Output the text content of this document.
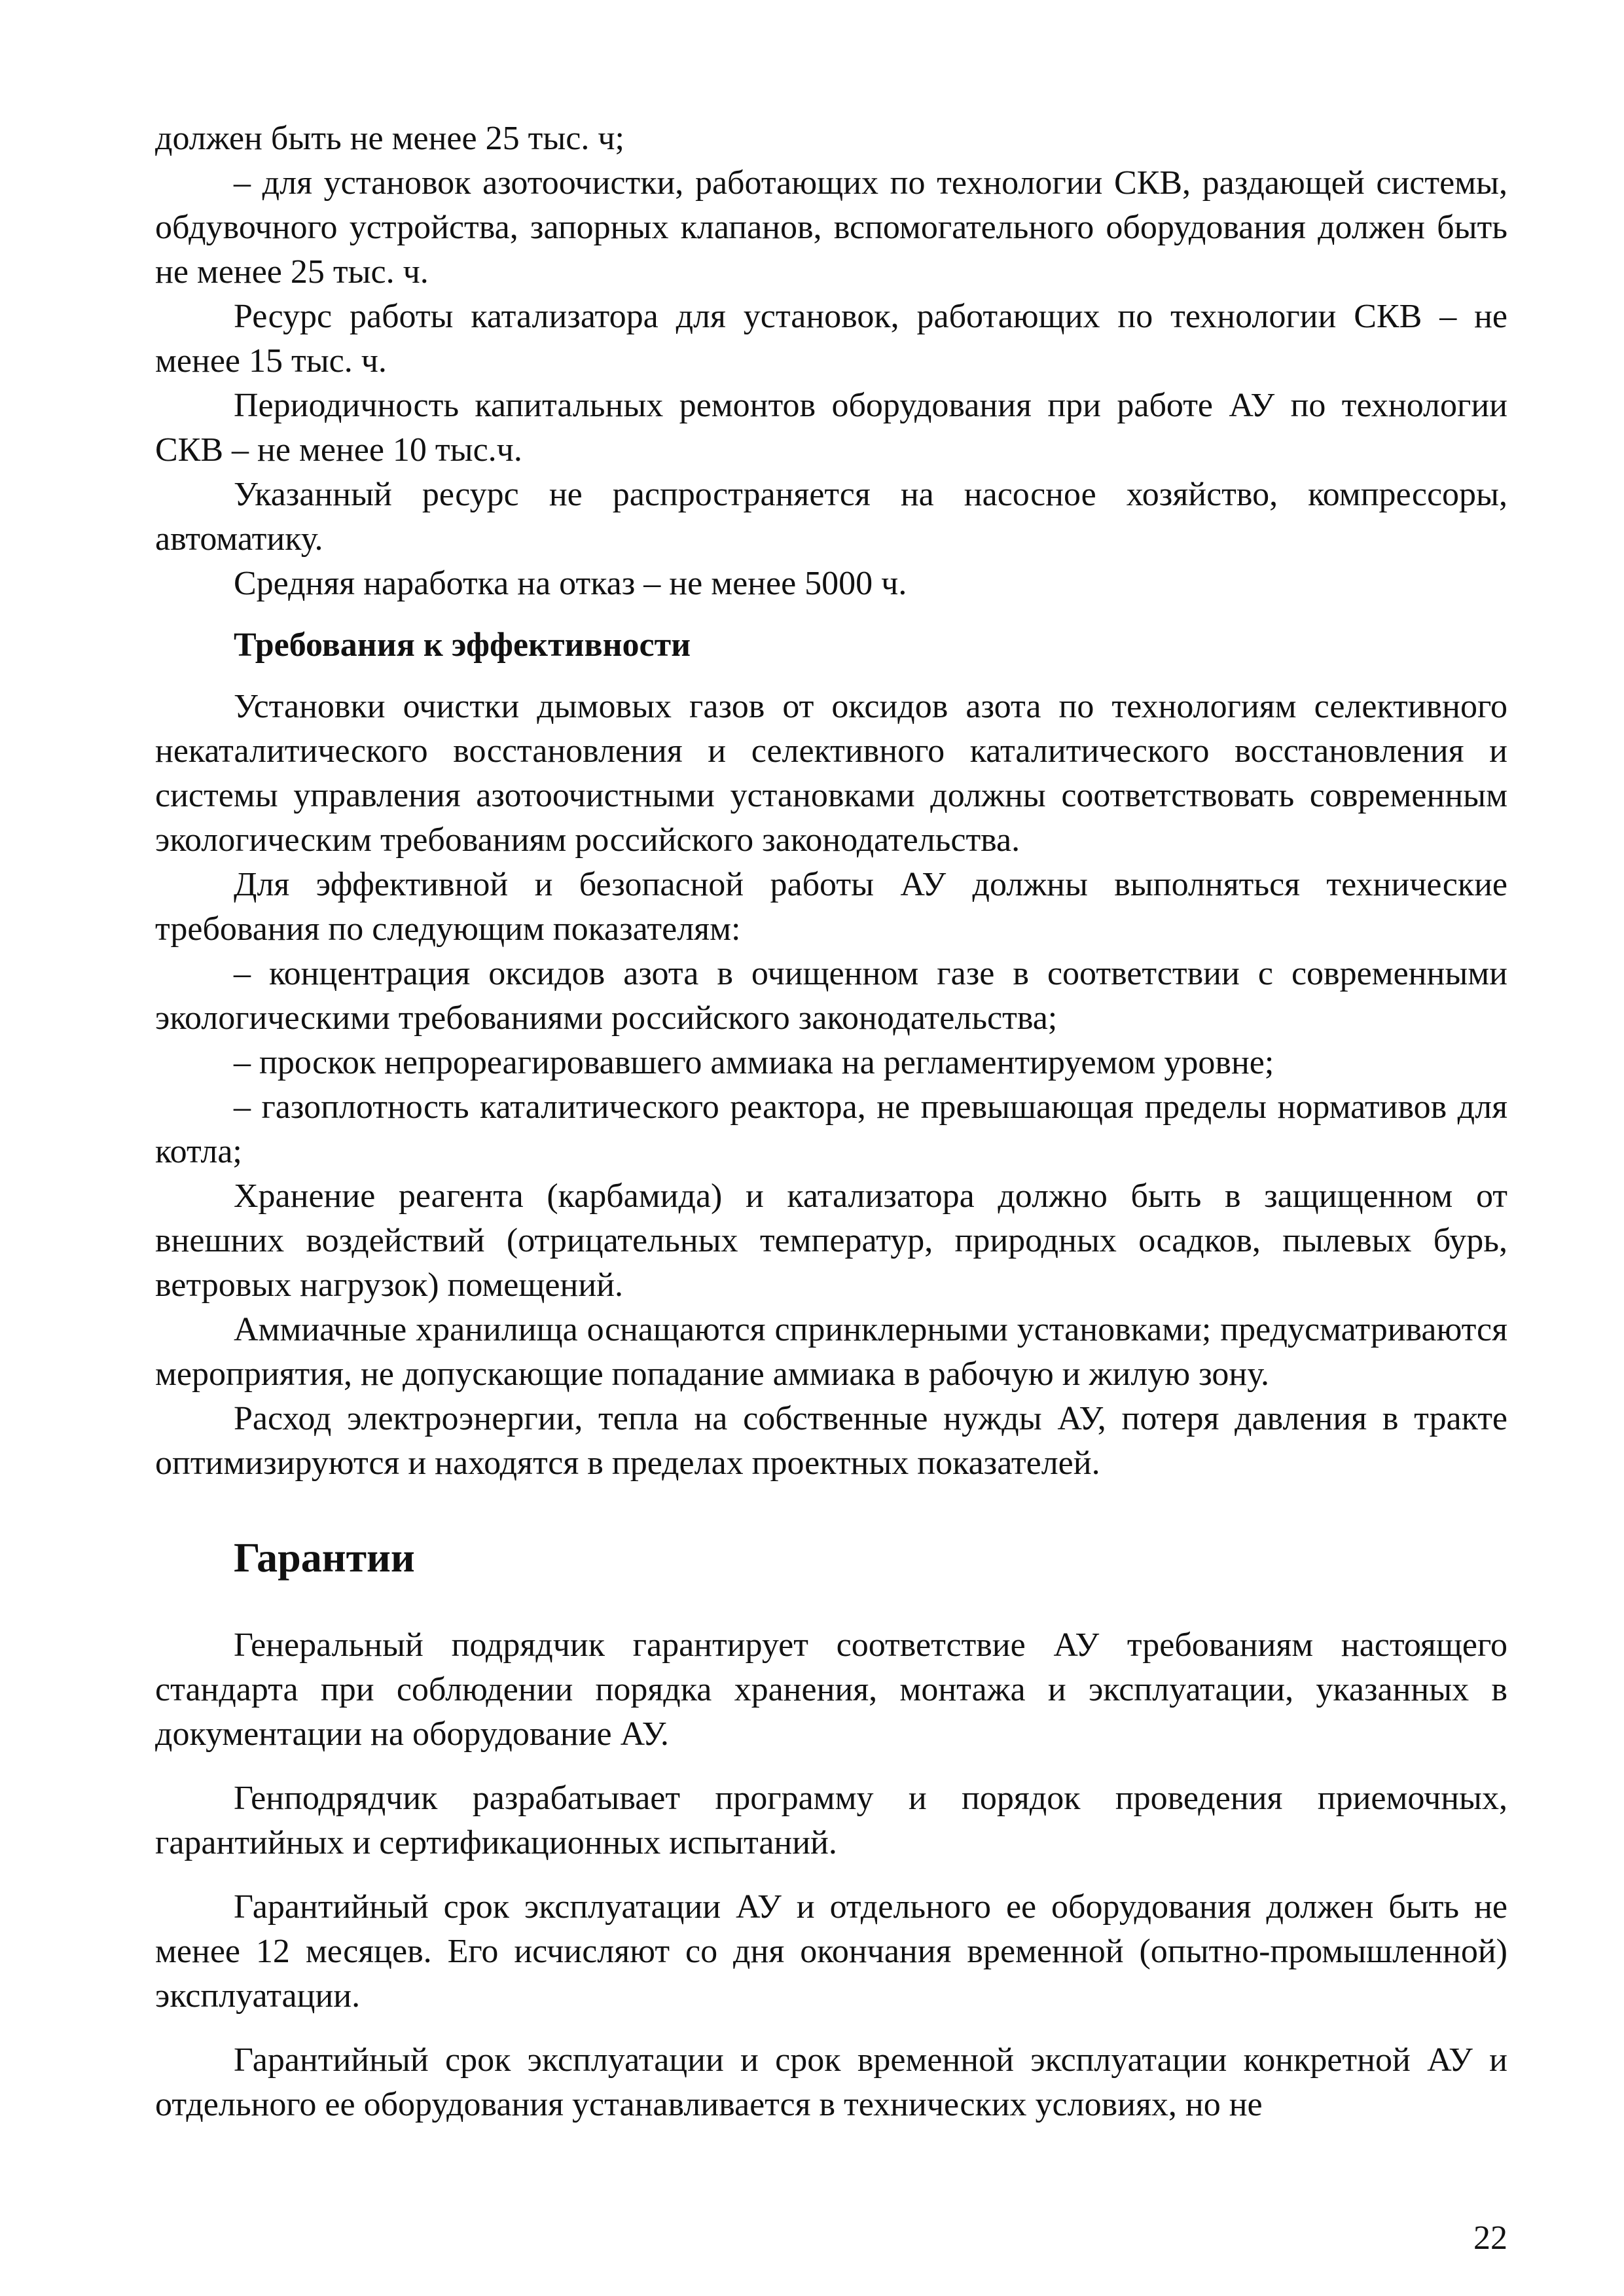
должен быть не менее 25 тыс. ч;

– для установок азотоочистки, работающих по технологии СКВ, раздающей системы, обдувочного устройства, запорных клапанов, вспомогательного оборудования должен быть не менее 25 тыс. ч.

Ресурс работы катализатора для установок, работающих по технологии СКВ – не менее 15 тыс. ч.

Периодичность капитальных ремонтов оборудования при работе АУ по технологии СКВ – не менее 10 тыс.ч.

Указанный ресурс не распространяется на насосное хозяйство, компрессоры, автоматику.

Средняя наработка на отказ – не менее 5000 ч.

Требования к эффективности

Установки очистки дымовых газов от оксидов азота по технологиям селективного некаталитического восстановления и селективного каталитического восстановления и системы управления азотоочистными установками должны соответствовать современным экологическим требованиям российского законодательства.

Для эффективной и безопасной работы АУ должны выполняться технические требования по следующим показателям:

– концентрация оксидов азота в очищенном газе в соответствии с современными экологическими требованиями российского законодательства;

– проскок непрореагировавшего аммиака на регламентируемом уровне;

– газоплотность каталитического реактора, не превышающая пределы нормативов для котла;

Хранение реагента (карбамида) и катализатора должно быть в защищенном от внешних воздействий (отрицательных температур, природных осадков, пылевых бурь, ветровых нагрузок) помещений.

Аммиачные хранилища оснащаются спринклерными установками; предусматриваются мероприятия, не допускающие попадание аммиака в рабочую и жилую зону.

Расход электроэнергии, тепла на собственные нужды АУ, потеря давления в тракте оптимизируются и находятся в пределах проектных показателей.

Гарантии

Генеральный подрядчик гарантирует соответствие АУ требованиям настоящего стандарта при соблюдении порядка хранения, монтажа и эксплуатации, указанных в документации на оборудование АУ.

Генподрядчик разрабатывает программу и порядок проведения приемочных, гарантийных и сертификационных испытаний.

Гарантийный срок эксплуатации АУ и отдельного ее оборудования должен быть не менее 12 месяцев. Его исчисляют со дня окончания временной (опытно-промышленной) эксплуатации.

Гарантийный срок эксплуатации и срок временной эксплуатации конкретной АУ и отдельного ее оборудования устанавливается в технических условиях, но не

22
